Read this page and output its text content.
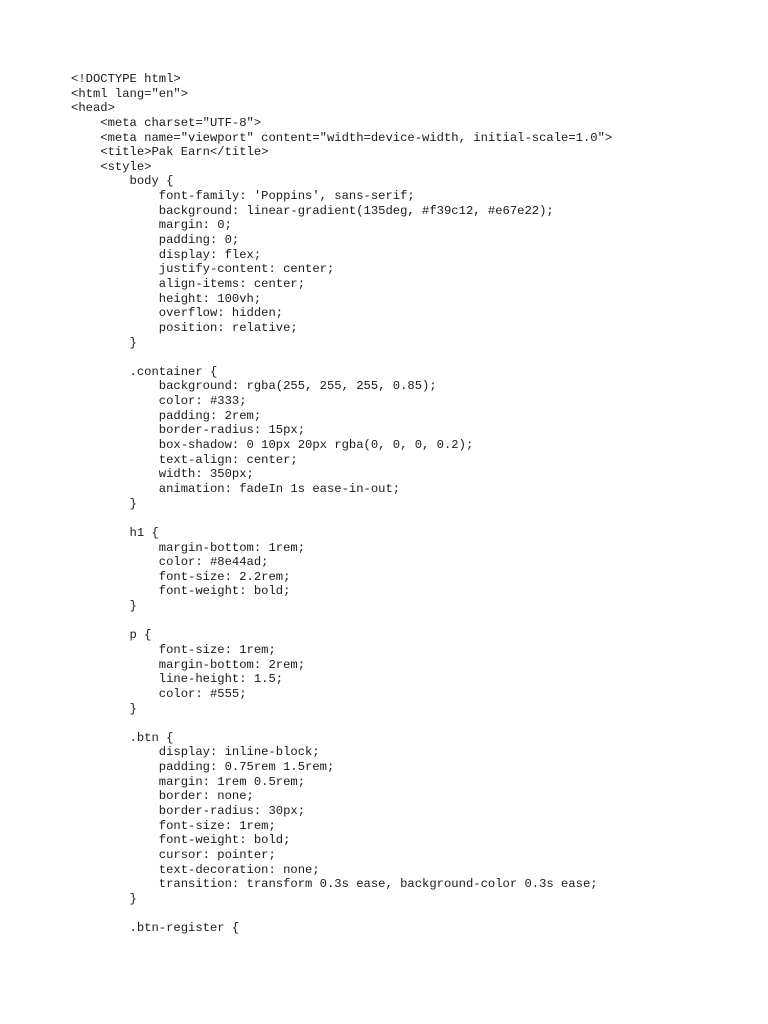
<!DOCTYPE html>
<html lang="en">
<head>
<meta charset="UTF-8">
<meta name="viewport" content="width=device-width, initial-scale=1.0">
<title>Pak Earn</title>
<style>
body {
font-family: 'Poppins', sans-serif;
background: linear-gradient(135deg, #f39c12, #e67e22);
margin: 0;
padding: 0;
display: flex;
justify-content: center;
align-items: center;
height: 100vh;
overflow: hidden;
position: relative;
}

.container {
background: rgba(255, 255, 255, 0.85);
color: #333;
padding: 2rem;
border-radius: 15px;
box-shadow: 0 10px 20px rgba(0, 0, 0, 0.2);
text-align: center;
width: 350px;
animation: fadeIn 1s ease-in-out;
}

h1 {
margin-bottom: 1rem;
color: #8e44ad;
font-size: 2.2rem;
font-weight: bold;
}

p {
font-size: 1rem;
margin-bottom: 2rem;
line-height: 1.5;
color: #555;
}

.btn {
display: inline-block;
padding: 0.75rem 1.5rem;
margin: 1rem 0.5rem;
border: none;
border-radius: 30px;
font-size: 1rem;
font-weight: bold;
cursor: pointer;
text-decoration: none;
transition: transform 0.3s ease, background-color 0.3s ease;
}

.btn-register {
